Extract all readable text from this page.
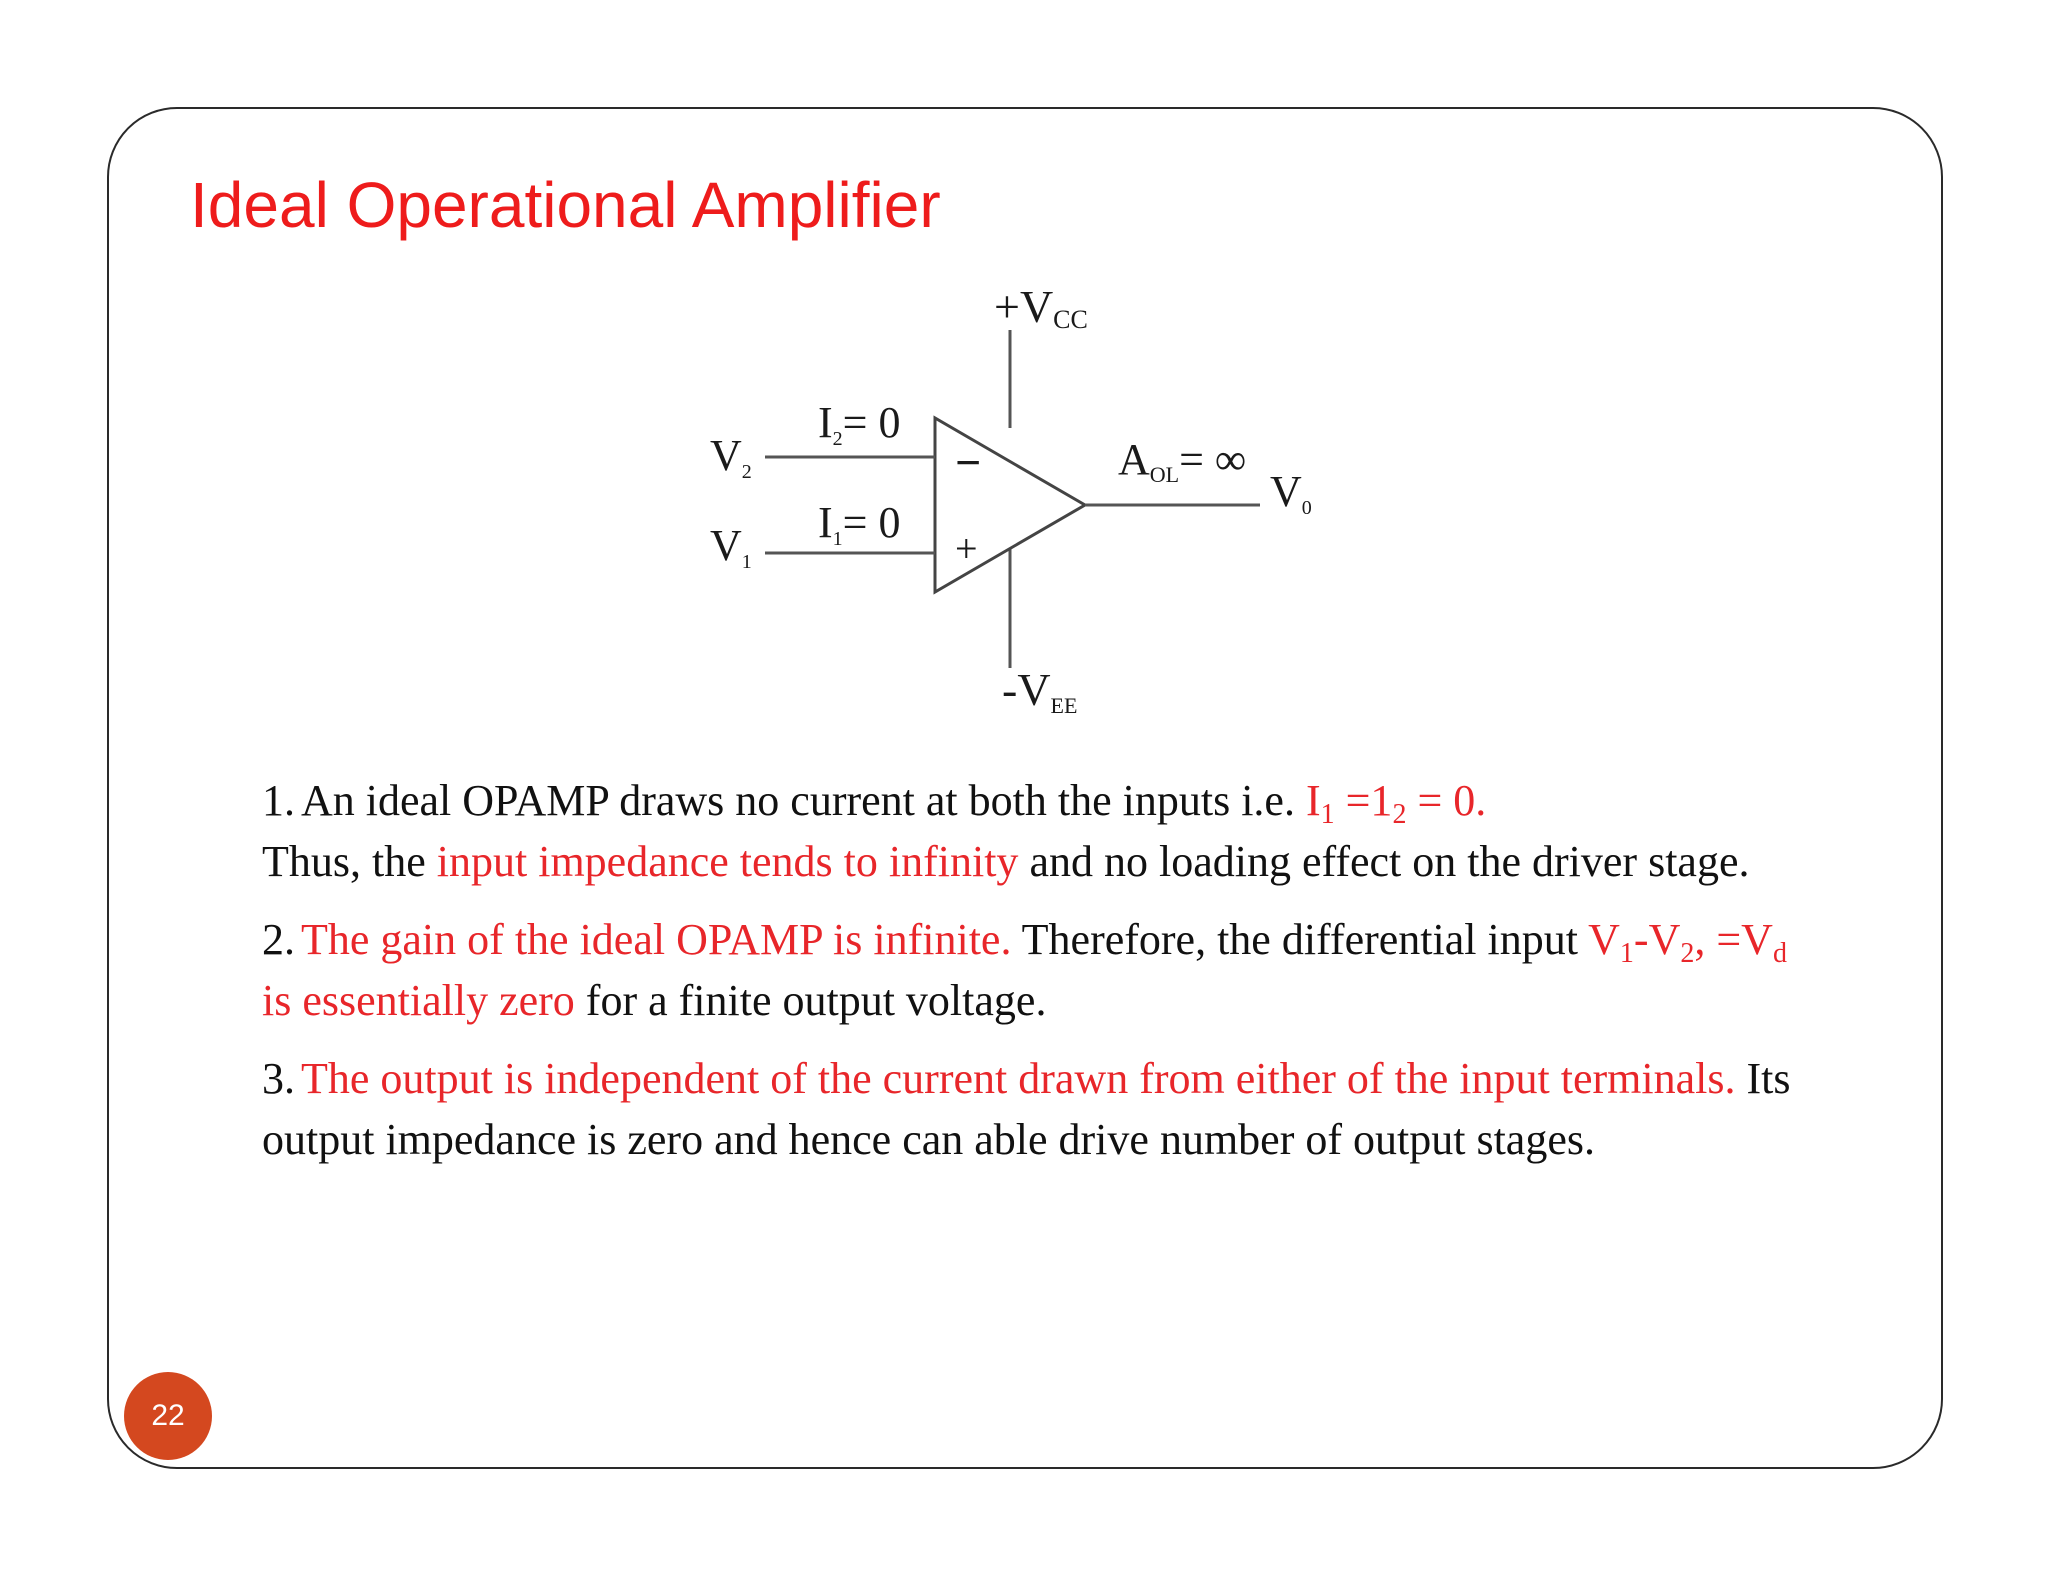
Ideal Operational Amplifier
+VCC
-VEE
V2
V1
I2= 0
I1= 0
−
+
AOL= ∞
V0

1. An ideal OPAMP draws no current at both the inputs i.e. $I_1 =1_2 = 0$.
Thus, the input impedance tends to infinity and no loading effect on the driver stage.

2. The gain of the ideal OPAMP is infinite. Therefore, the differential input $V_1-V_2$, $=V_d$ is essentially zero for a finite output voltage.

3. The output is independent of the current drawn from either of the input terminals. Its output impedance is zero and hence can able drive number of output stages.

22
